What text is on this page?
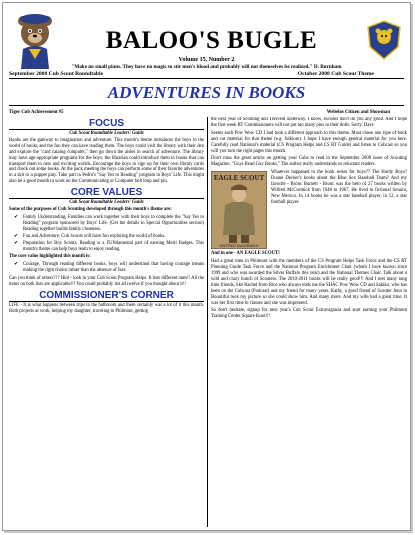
BALOO'S BUGLE
Volume 15, Number 2
"Make no small plans. They have no magic to stir men's blood and probably will not themselves be realized." D. Burnham
September 2008 Cub Scout Roundtable	October 2008 Cub Scout Theme
ADVENTURES IN BOOKS
Tiger Cub Achievement #5	Webelos Citizen and Showman
FOCUS
Cub Scout Roundtable Leaders' Guide

Books are the gateway to imagination and adventure. This month's theme introduces the boys to the world of books and the fun they can have reading them. The boys could visit the library with their den and explore the "card catalog computer," then go down the aisles in search of adventure. The library may have age-appropriate programs for the boys; the librarian could introduce them to books that can transport them to new and exciting worlds. Encourage the boys to sign up for their own library cards and check out some books. At the pack meeting the boys can perform some of their favorite adventures in a skit or a puppet play. Take part in Pedro's "Say Yes to Reading" program in Boys' Life. This might also be a good month to work on the Communicating or Computer belt loop and pin.

CORE VALUES
Cub Scout Roundtable Leaders' Guide

Some of the purposes of Cub Scouting developed through this month's theme are:

✔ Family Understanding, Families can work together with their boys to complete the "Say Yes to Reading" program sponsored by Boys' Life. (Get the details in Special Opportunities section) Reading together builds family closeness.
✔ Fun and Adventure, Cub Scouts will have fun exploring the world of books.
✔ Preparation for Boy Scouts, Reading is a FUNdamental part of earning Merit Badges. This month's theme can help boys learn to enjoy reading.

The core value highlighted this month is:

✔ Courage, Through reading different books, boys will understand that having courage means making the right choice rather than the absence of fear.

Can you think of others??? Hint - look in your Cub Scout Program Helps. It lists different ones!! All the items on both lists are applicable!!! You could probably list all twelve if you thought about it!!

COMMISSIONER'S CORNER

LIFE - It is what happens between trips to the bathroom and there certainly was a lot of it this month. Both projects at work, helping my daughter, traveling to Philmont, getting

the next year of Scouting and Thrivent underway. I know, excuses don't do you any good. And I hope the first week RT Commissioners will not put too many pins in their dolls. Sorry. Dave

Seems each Pow Wow CD I had took a different approach to this theme. Most chose one type of book and cut material for that theme (e.g. folklore). I hope I have enough general material for you here. Carefully read National's material (CS Program Helps and CS RT Guide) and listen to Cubcast so you will you turn the right pages this month.

Don't miss the great article on getting your Cubs to read in the September 2008 issue of Scouting Magazine, "Guys Read Guy Books." The author really understands us reluctant readers.

EAGLE SCOUT
WILFRED McCORMICK

Whatever happened to the book series for boys?? The Hardy Boys? Duane Decker's books about the Blue Sox Baseball Team? And my favorite - Bronc Burnett - Bronc was the hero of 27 books written by Wilfred McCormick from 1948 to 1967. He lived in fictional Sonora, New Mexico. In 14 books he was a star baseball player, in 12, a star football player.

And in one - AN EAGLE SCOUT!

Had a great time in Philmont with the members of the CS Program Helps Task Force and the CS RT Planning Guide Task Force and the National Program Enrichment Chair (whom I have known since 1999 and who was awarded the Silver Buffalo this year) and the National Themes Chair. Talk about a wild and crazy bunch of Scouters. The 2010-2011 books will be really good!!! And I met many long time friends, like Rachel from Rice who always ends me the SHAC Pow Wow CD and Sakiko, who has been on the Cubcast (Podcast) and my friend for many years. Kathy, a good friend of Scouter Jenn in Bountiful took my picture so she could show him. And many more. And my wife had a great time. It was her first time in classes and she was impressed.

So don't hesitate, signup for next year's Cub Scout Extravaganza and start earning your Philmont Training Center Square Knot!!!
